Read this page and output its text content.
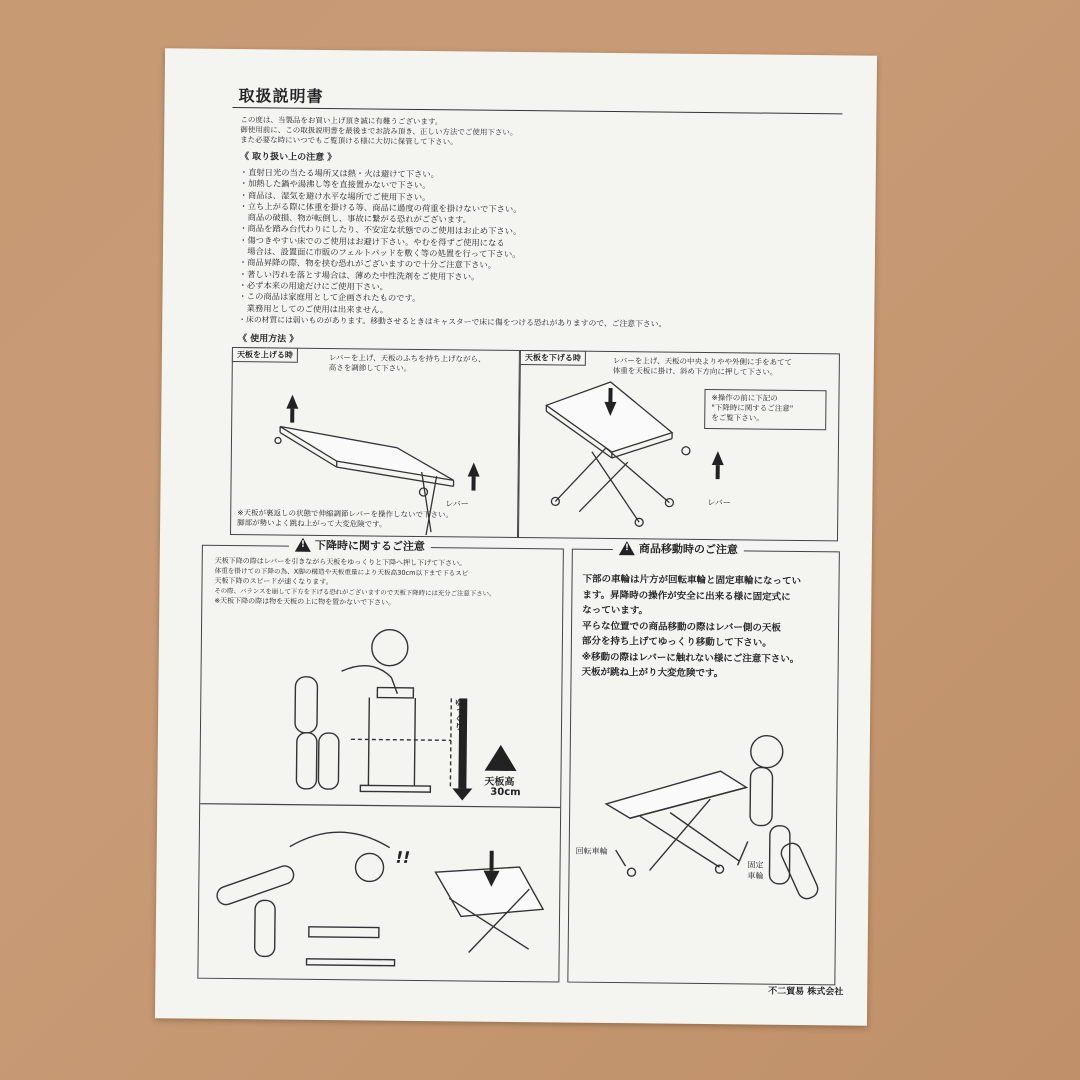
取扱説明書
この度は、当製品をお買い上げ頂き誠に有難うございます。
御使用前に、この取扱説明書を最後までお読み頂き、正しい方法でご使用下さい。
また必要な時にいつでもご覧頂ける様に大切に保管して下さい。
《 取り扱い上の注意 》
・直射日光の当たる場所又は熱・火は避けて下さい。
・加熱した鍋や湯沸し等を直接置かないで下さい。
・商品は、湿気を避け水平な場所でご使用下さい。
・立ち上がる際に体重を掛ける等、商品に過度の荷重を掛けないで下さい。
　商品の破損、物が転倒し、事故に繋がる恐れがございます。
・商品を踏み台代わりにしたり、不安定な状態でのご使用はお止め下さい。
・傷つきやすい床でのご使用はお避け下さい。やむを得ずご使用になる
　場合は、設置面に市販のフェルトパッドを敷く等の処置を行って下さい。
・商品昇降の際、物を挟む恐れがございますので十分ご注意下さい。
・著しい汚れを落とす場合は、薄めた中性洗剤をご使用下さい。
・必ず本来の用途だけにご使用下さい。
・この商品は家庭用として企画されたものです。
　業務用としてのご使用は出来ません。
・床の材質には弱いものがあります。移動させるときはキャスターで床に傷をつける恐れがありますので、ご注意下さい。
《 使用方法 》
天板を上げる時	レバーを上げ、天板のふちを持ち上げながら、
高さを調節して下さい。
レバー
※天板が裏返しの状態で伸縮調節レバーを操作しないで下さい。
脚部が勢いよく跳ね上がって大変危険です。
天板を下げる時	レバーを上げ、天板の中央よりやや外側に手をあてて
体重を天板に掛け、斜め下方向に押して下さい。
※操作の前に下記の
"下降時に関するご注意"
をご覧下さい。
レバー
!
下降時に関するご注意
天板下降の際はレバーを引きながら天板をゆっくりと下降へ押し下げて下さい。
体重を掛けての下降の為、X脚の構造や天板重量により天板高30cm以下まで下るスピ
天板下降のスピードが速くなります。
その際、バランスを崩して下方を下げる恐れがございますので天板下降時には充分ご注意下さい。
※天板下降の際は物を天板の上に物を置かないで下さい。
ゆっくり
天板高
30cm
!!
!
商品移動時のご注意
下部の車輪は片方が回転車輪と固定車輪になってい
ます。昇降時の操作が安全に出来る様に固定式に
なっています。
平らな位置での商品移動の際はレバー側の天板
部分を持ち上げてゆっくり移動して下さい。
※移動の際はレバーに触れない様にご注意下さい。
天板が跳ね上がり大変危険です。
回転車輪
固定車輪
不二貿易 株式会社
